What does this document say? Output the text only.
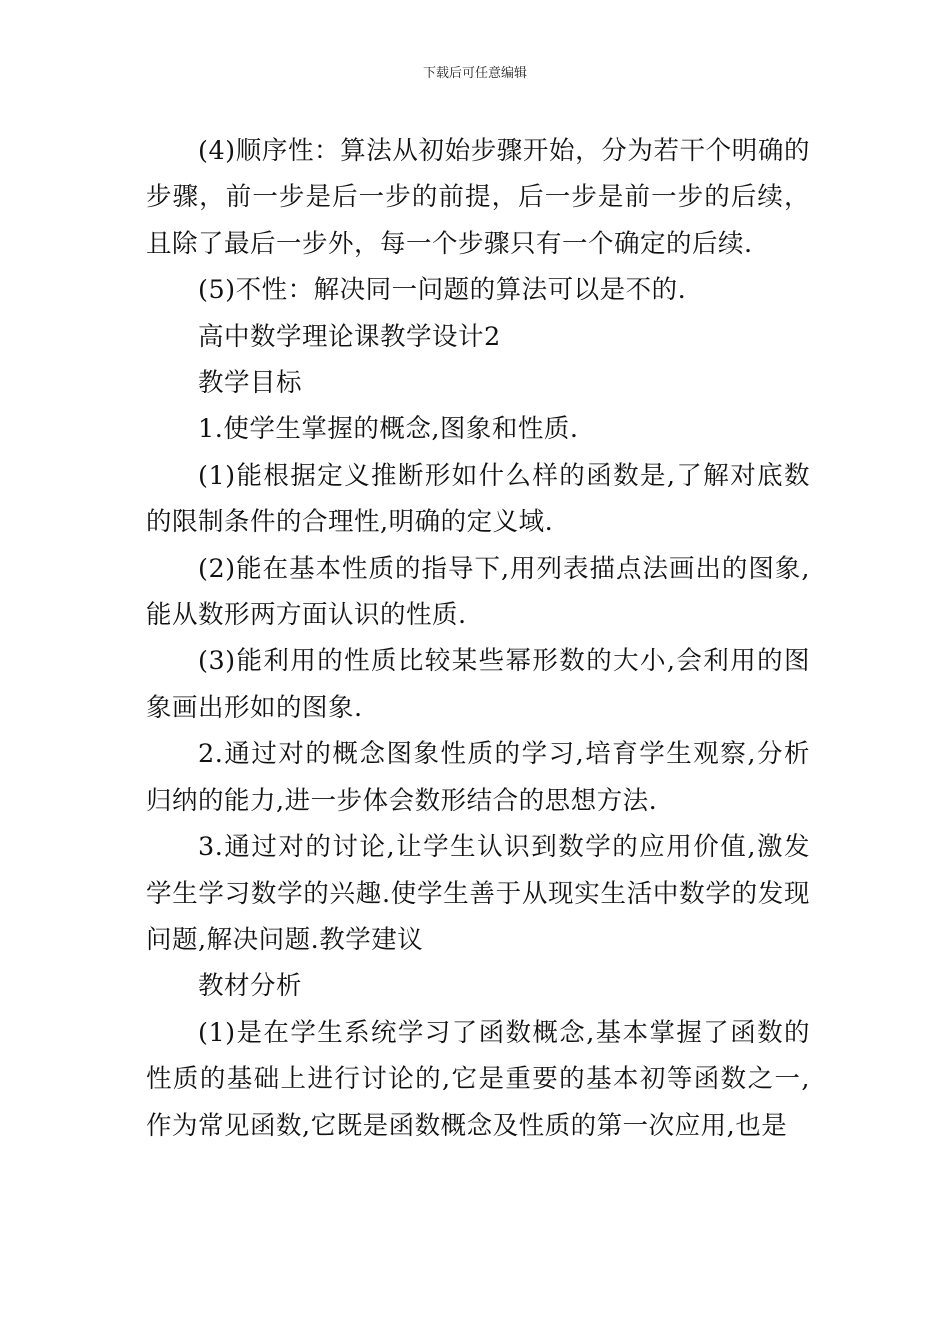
下载后可任意编辑

(4)顺序性：算法从初始步骤开始，分为若干个明确的步骤，前一步是后一步的前提，后一步是前一步的后续，且除了最后一步外，每一个步骤只有一个确定的后续.

(5)不性：解决同一问题的算法可以是不的.

高中数学理论课教学设计2

教学目标

1.使学生掌握的概念,图象和性质.

(1)能根据定义推断形如什么样的函数是,了解对底数的限制条件的合理性,明确的定义域.

(2)能在基本性质的指导下,用列表描点法画出的图象,能从数形两方面认识的性质.

(3)能利用的性质比较某些幂形数的大小,会利用的图象画出形如的图象.

2.通过对的概念图象性质的学习,培育学生观察,分析归纳的能力,进一步体会数形结合的思想方法.

3.通过对的讨论,让学生认识到数学的应用价值,激发学生学习数学的兴趣.使学生善于从现实生活中数学的发现问题,解决问题.教学建议

教材分析

(1)是在学生系统学习了函数概念,基本掌握了函数的性质的基础上进行讨论的,它是重要的基本初等函数之一,作为常见函数,它既是函数概念及性质的第一次应用,也是
